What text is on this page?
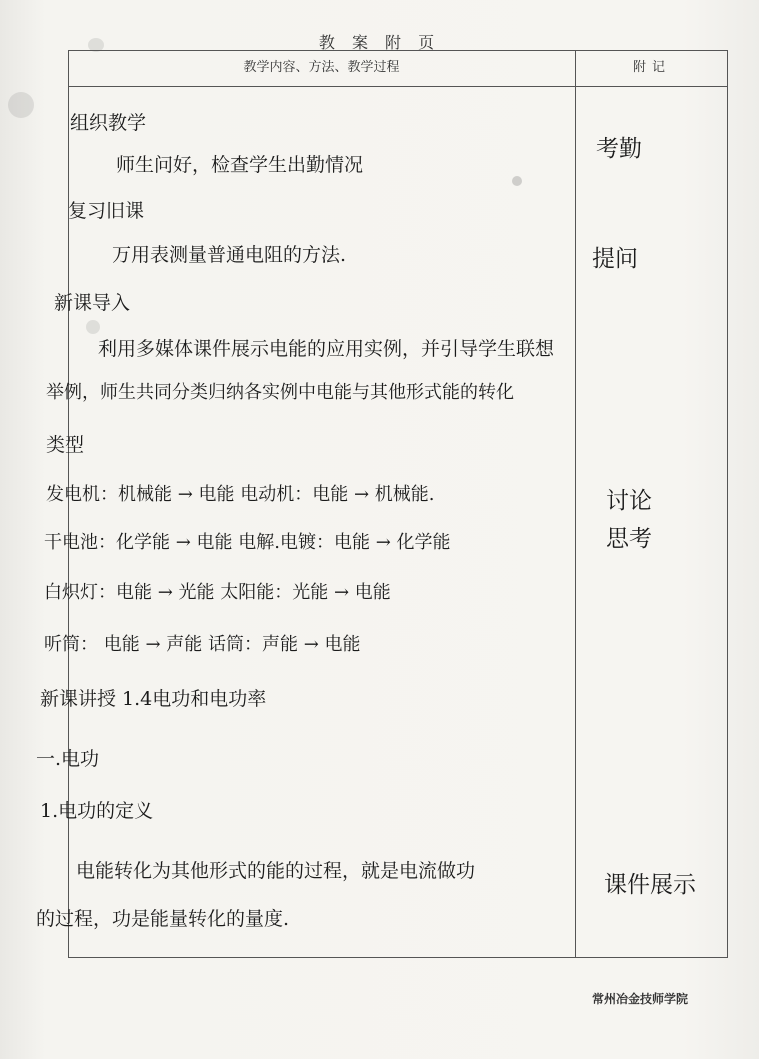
教 案 附 页
教学内容、方法、教学过程	附记
组织教学
师生问好，检查学生出勤情况
复习旧课
万用表测量普通电阻的方法.
新课导入
利用多媒体课件展示电能的应用实例，并引导学生联想
举例，师生共同分类归纳各实例中电能与其他形式能的转化
类型
发电机：机械能 → 电能 电动机：电能 → 机械能.
干电池：化学能 → 电能 电解.电镀：电能 → 化学能
白炽灯：电能 → 光能 太阳能：光能 → 电能
听筒： 电能 → 声能 话筒：声能 → 电能
新课讲授 1.4电功和电功率
一.电功
1.电功的定义
电能转化为其他形式的能的过程，就是电流做功
的过程，功是能量转化的量度.
考勤
提问
讨论
思考
课件展示
常州冶金技师学院
